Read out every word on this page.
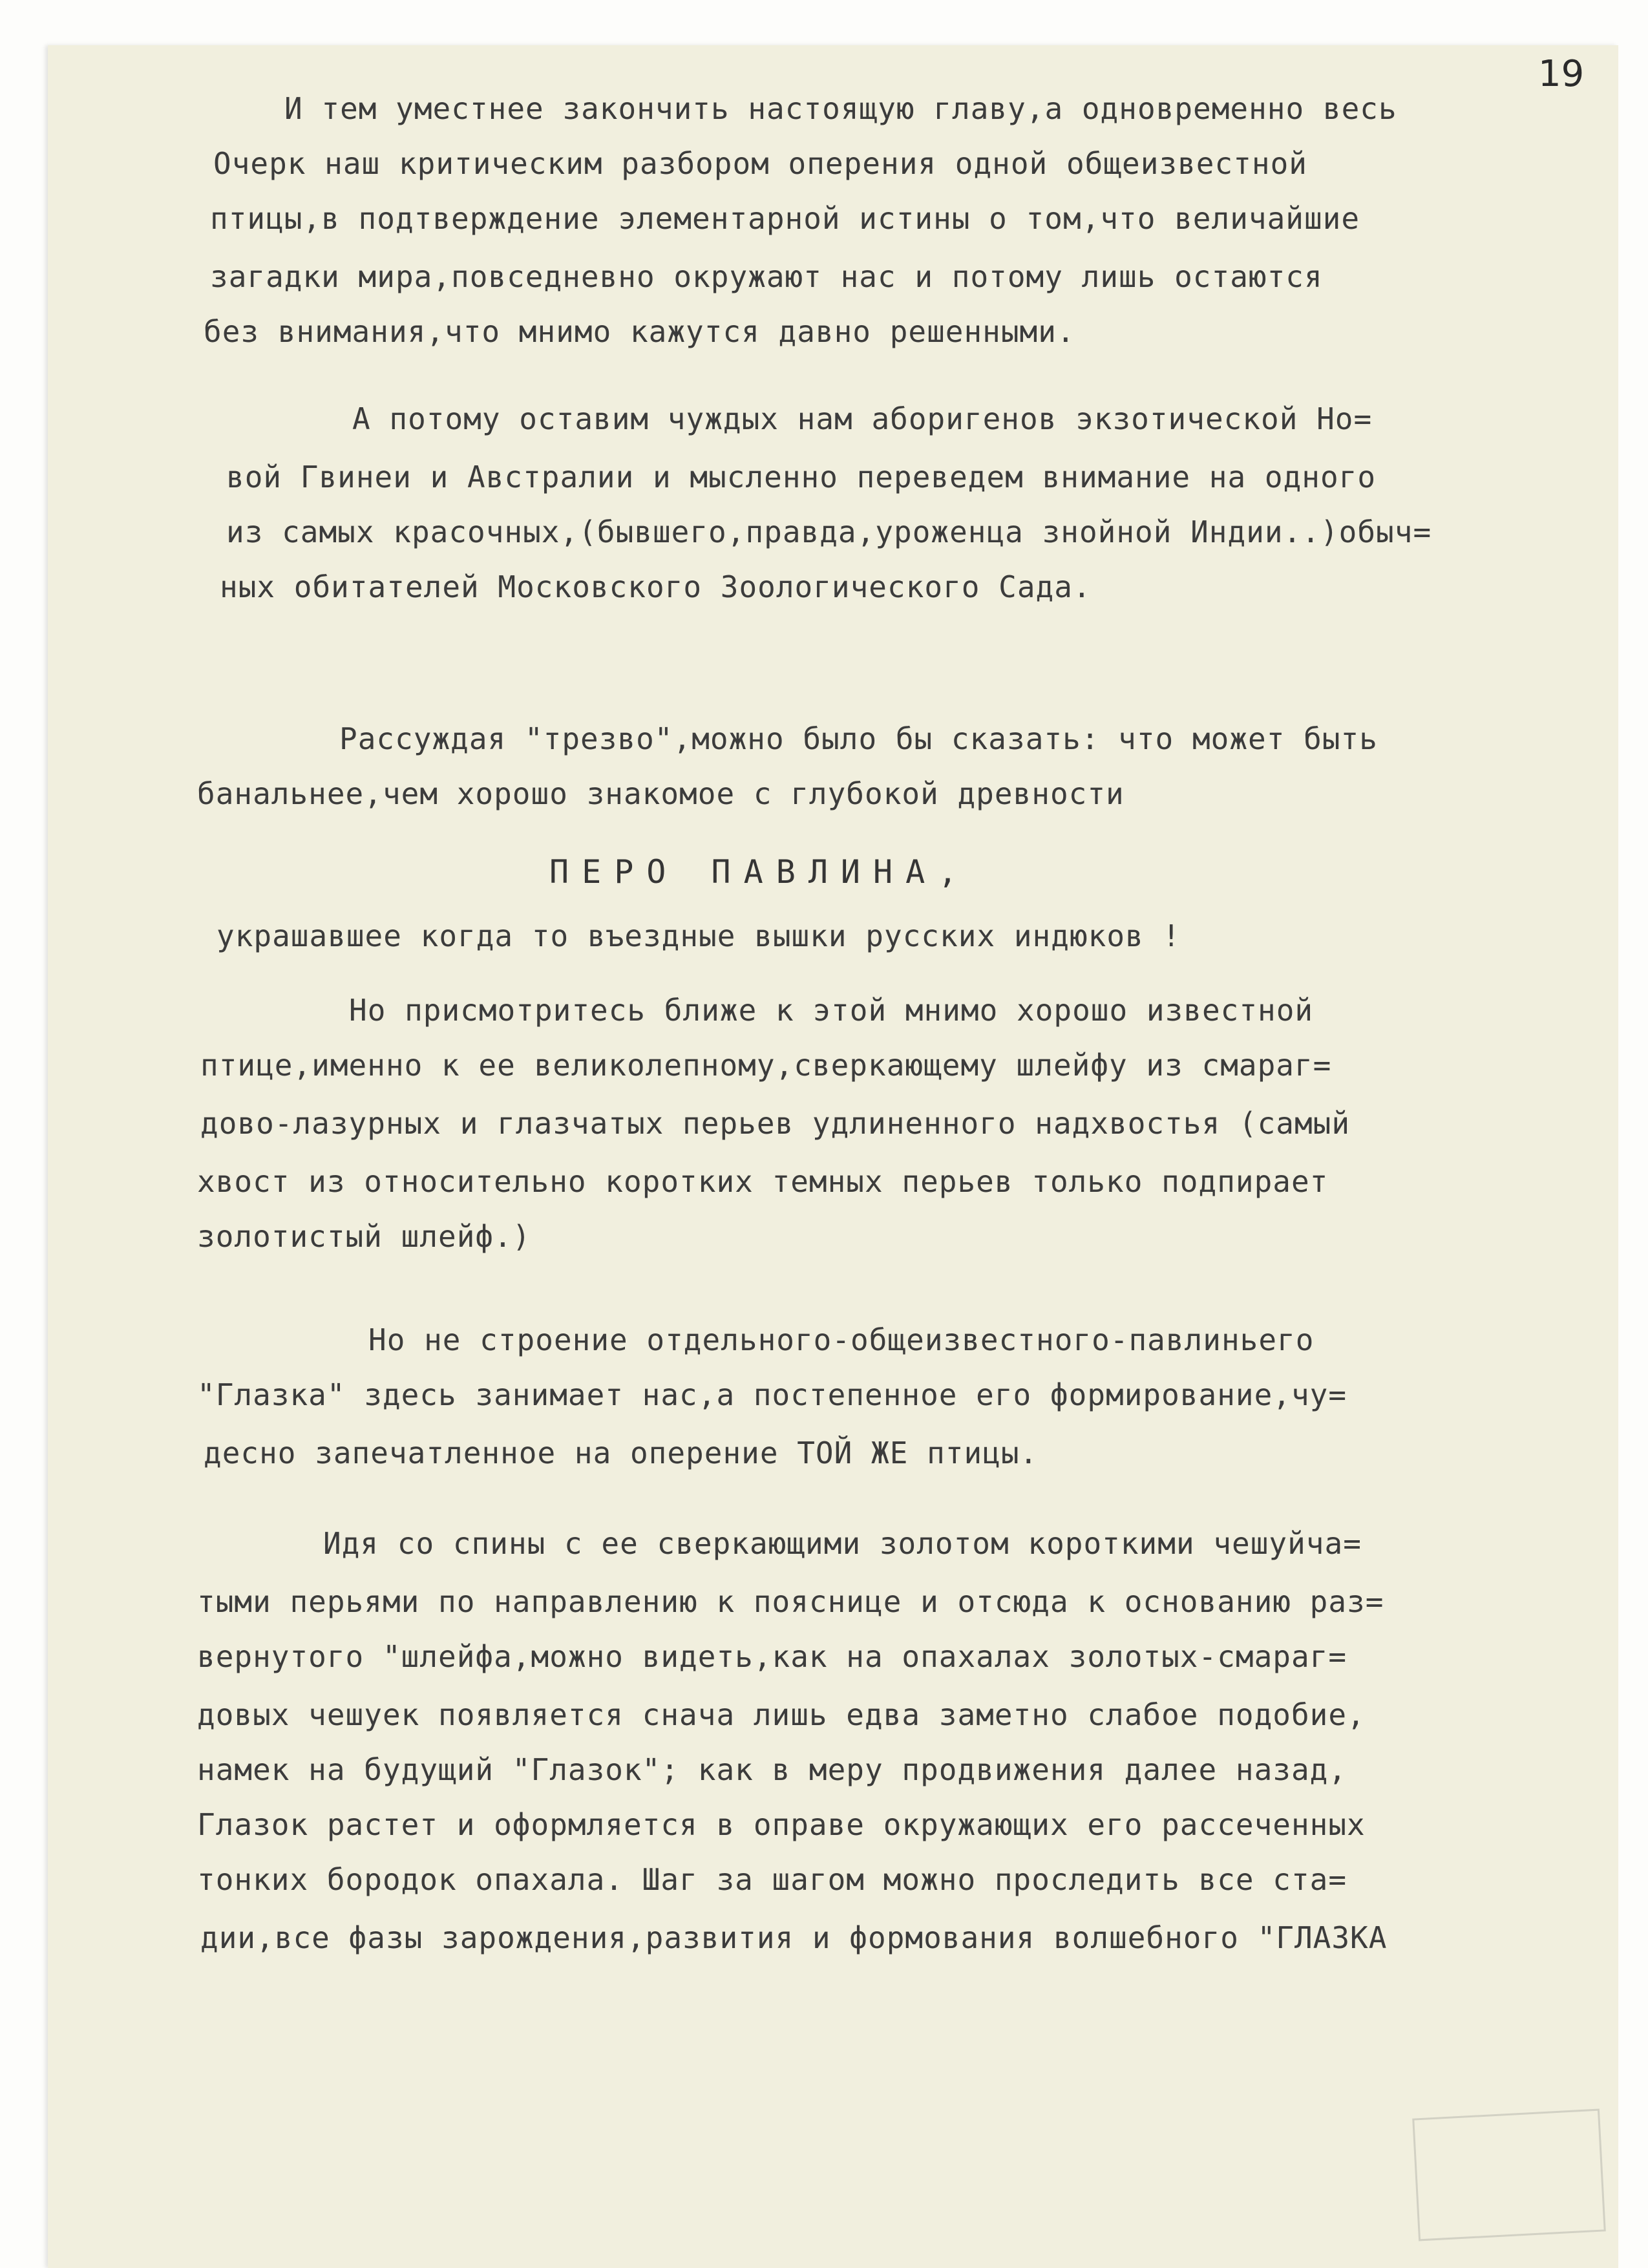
19
И тем уместнее закончить настоящую главу,а одновременно весь
Очерк наш критическим разбором оперения одной общеизвестной
птицы,в подтверждение элементарной истины о том,что величайшие
загадки мира,повседневно окружают нас и потому лишь остаются
без внимания,что мнимо кажутся давно решенными.
А потому оставим чуждых нам аборигенов экзотической Но=
вой Гвинеи и Австралии и мысленно переведем внимание на одного
из самых красочных,(бывшего,правда,уроженца знойной Индии..)обыч=
ных обитателей Московского Зоологического Сада.
Рассуждая "трезво",можно было бы сказать: что может быть
банальнее,чем хорошо знакомое с глубокой древности
ПЕРО ПАВЛИНА,
украшавшее когда то въездные вышки русских индюков !
Но присмотритесь ближе к этой мнимо хорошо известной
птице,именно к ее великолепному,сверкающему шлейфу из смараг=
дово-лазурных и глазчатых перьев удлиненного надхвостья (самый
хвост из относительно коротких темных перьев только подпирает
золотистый шлейф.)
Но не строение отдельного-общеизвестного-павлиньего
"Глазка" здесь занимает нас,а постепенное его формирование,чу=
десно запечатленное на оперение ТОЙ ЖЕ птицы.
Идя со спины с ее сверкающими золотом короткими чешуйча=
тыми перьями по направлению к пояснице и отсюда к основанию раз=
вернутого "шлейфа,можно видеть,как на опахалах золотых-смараг=
довых чешуек появляется снача лишь едва заметно слабое подобие,
намек на будущий "Глазок"; как в меру продвижения далее назад,
Глазок растет и оформляется в оправе окружающих его рассеченных
тонких бородок опахала. Шаг за шагом можно проследить все ста=
дии,все фазы зарождения,развития и формования волшебного "ГЛАЗКА
